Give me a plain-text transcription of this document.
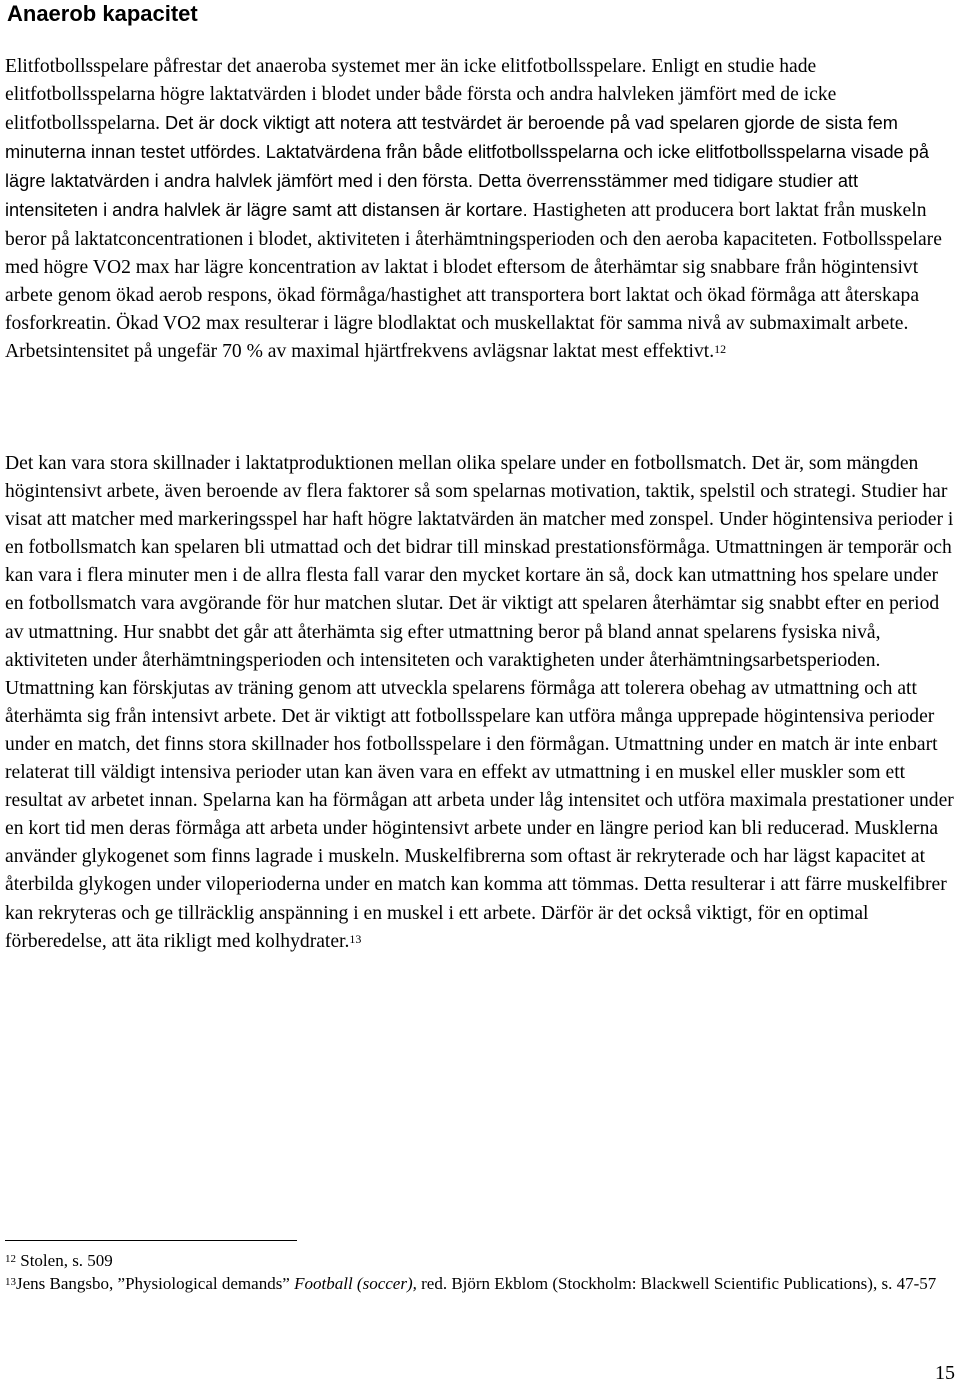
Anaerob kapacitet

Elitfotbollsspelare påfrestar det anaeroba systemet mer än icke elitfotbollsspelare. Enligt en studie hade elitfotbollsspelarna högre laktatvärden i blodet under både första och andra halvleken jämfört med de icke elitfotbollsspelarna. Det är dock viktigt att notera att testvärdet är beroende på vad spelaren gjorde de sista fem minuterna innan testet utfördes. Laktatvärdena från både elitfotbollsspelarna och icke elitfotbollsspelarna visade på lägre laktatvärden i andra halvlek jämfört med i den första. Detta överrensstämmer med tidigare studier att intensiteten i andra halvlek är lägre samt att distansen är kortare. Hastigheten att producera bort laktat från muskeln beror på laktatconcentrationen i blodet, aktiviteten i återhämtningsperioden och den aeroba kapaciteten. Fotbollsspelare med högre VO2 max har lägre koncentration av laktat i blodet eftersom de återhämtar sig snabbare från högintensivt arbete genom ökad aerob respons, ökad förmåga/hastighet att transportera bort laktat och ökad förmåga att återskapa fosforkreatin. Ökad VO2 max resulterar i lägre blodlaktat och muskellaktat för samma nivå av submaximalt arbete. Arbetsintensitet på ungefär 70 % av maximal hjärtfrekvens avlägsnar laktat mest effektivt.$^{12}$

Det kan vara stora skillnader i laktatproduktionen mellan olika spelare under en fotbollsmatch. Det är, som mängden högintensivt arbete, även beroende av flera faktorer så som spelarnas motivation, taktik, spelstil och strategi. Studier har visat att matcher med markeringsspel har haft högre laktatvärden än matcher med zonspel. Under högintensiva perioder i en fotbollsmatch kan spelaren bli utmattad och det bidrar till minskad prestationsförmåga. Utmattningen är temporär och kan vara i flera minuter men i de allra flesta fall varar den mycket kortare än så, dock kan utmattning hos spelare under en fotbollsmatch vara avgörande för hur matchen slutar. Det är viktigt att spelaren återhämtar sig snabbt efter en period av utmattning. Hur snabbt det går att återhämta sig efter utmattning beror på bland annat spelarens fysiska nivå, aktiviteten under återhämtningsperioden och intensiteten och varaktigheten under återhämtningsarbetsperioden. Utmattning kan förskjutas av träning genom att utveckla spelarens förmåga att tolerera obehag av utmattning och att återhämta sig från intensivt arbete. Det är viktigt att fotbollsspelare kan utföra många upprepade högintensiva perioder under en match, det finns stora skillnader hos fotbollsspelare i den förmågan. Utmattning under en match är inte enbart relaterat till väldigt intensiva perioder utan kan även vara en effekt av utmattning i en muskel eller muskler som ett resultat av arbetet innan. Spelarna kan ha förmågan att arbeta under låg intensitet och utföra maximala prestationer under en kort tid men deras förmåga att arbeta under högintensivt arbete under en längre period kan bli reducerad. Musklerna använder glykogenet som finns lagrade i muskeln. Muskelfibrerna som oftast är rekryterade och har lägst kapacitet at återbilda glykogen under viloperioderna under en match kan komma att tömmas. Detta resulterar i att färre muskelfibrer kan rekryteras och ge tillräcklig anspänning i en muskel i ett arbete. Därför är det också viktigt, för en optimal förberedelse, att äta rikligt med kolhydrater.$^{13}$

$^{12}$ Stolen, s. 509

$^{13}$Jens Bangsbo, ”Physiological demands” Football (soccer), red. Björn Ekblom (Stockholm: Blackwell Scientific Publications), s. 47-57

15
